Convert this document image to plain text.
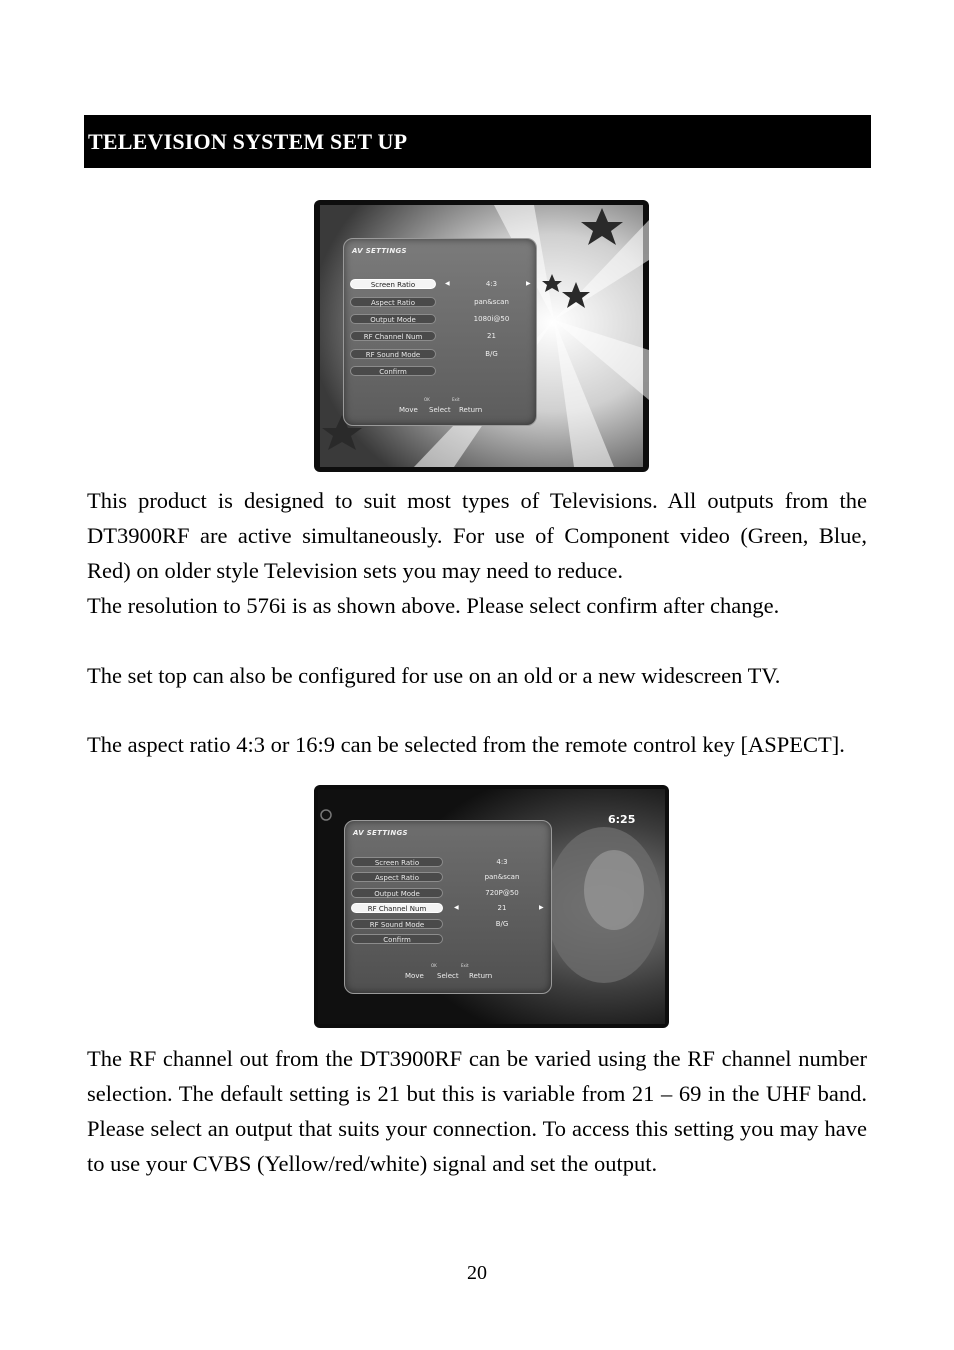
TELEVISION SYSTEM SET UP
AV SETTINGS
Screen Ratio	◀	4:3	▶
Aspect Ratio	pan&scan
Output Mode	1080i@50
RF Channel Num	21
RF Sound Mode	B/G
Confirm
OK	Exit
Move Select Return

This product is designed to suit most types of Televisions. All outputs from the DT3900RF are active simultaneously. For use of Component video (Green, Blue, Red) on older style Television sets you may need to reduce.

The resolution to 576i is as shown above. Please select confirm after change.

The set top can also be configured for use on an old or a new widescreen TV.

The aspect ratio 4:3 or 16:9 can be selected from the remote control key [ASPECT].

6:25
AV SETTINGS
Screen Ratio	4:3
Aspect Ratio	pan&scan
Output Mode	720P@50
RF Channel Num	◀	21	▶
RF Sound Mode	B/G
Confirm
OK	Exit
Move Select Return

The RF channel out from the DT3900RF can be varied using the RF channel number selection. The default setting is 21 but this is variable from 21 – 69 in the UHF band. Please select an output that suits your connection. To access this setting you may have to use your CVBS (Yellow/red/white) signal and set the output.

20
